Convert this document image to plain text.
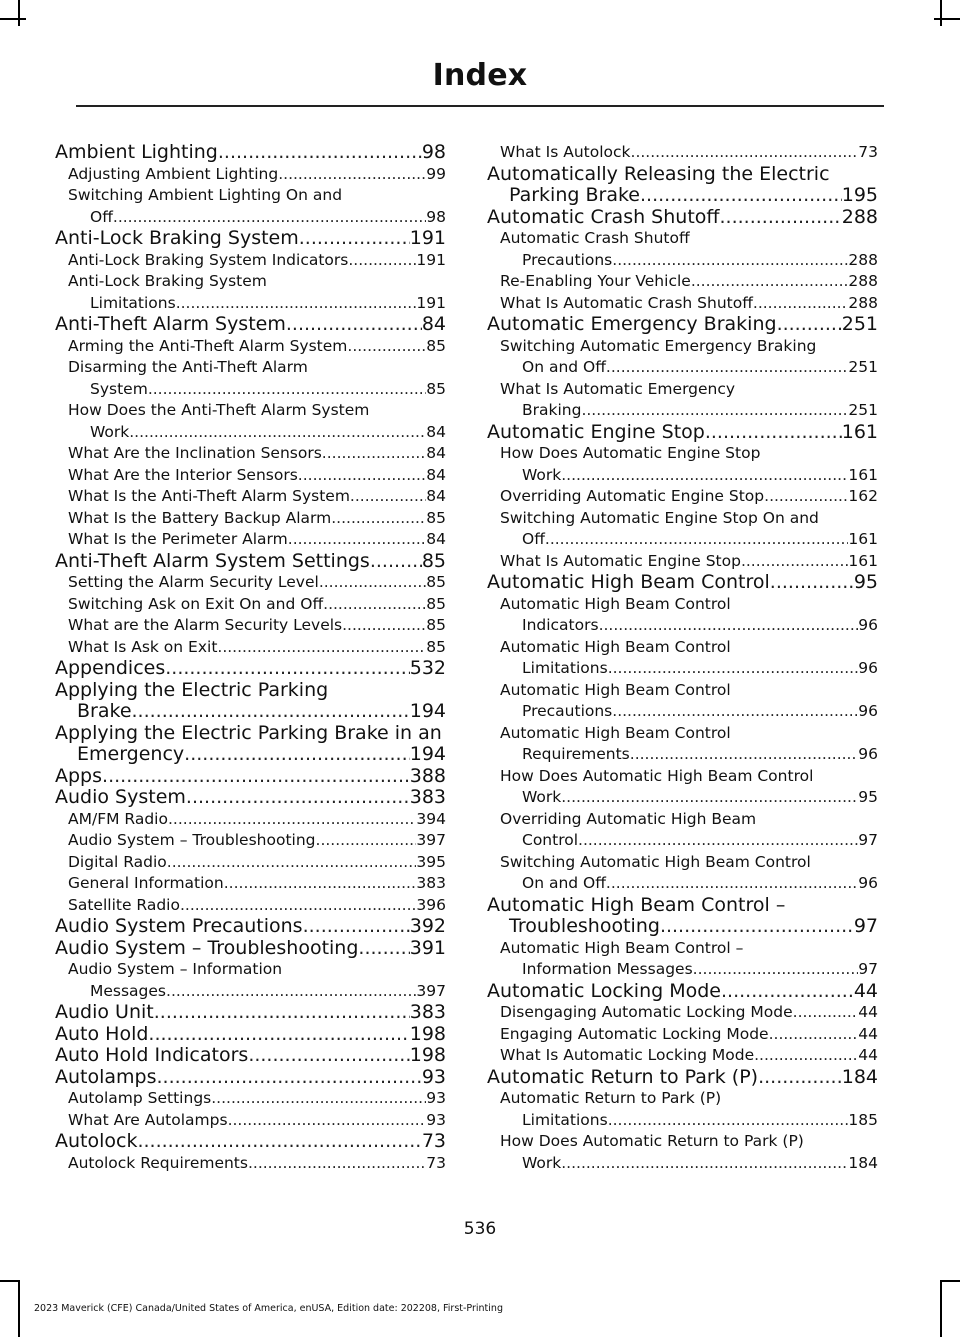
Index
Ambient Lighting .....	98
Adjusting Ambient Lighting .....	99
Switching Ambient Lighting On and
Off .....	98
Anti-Lock Braking System .....	191
Anti-Lock Braking System Indicators .....	191
Anti-Lock Braking System
Limitations .....	191
Anti-Theft Alarm System .....	84
Arming the Anti-Theft Alarm System .....	85
Disarming the Anti-Theft Alarm
System .....	85
How Does the Anti-Theft Alarm System
Work .....	84
What Are the Inclination Sensors .....	84
What Are the Interior Sensors .....	84
What Is the Anti-Theft Alarm System .....	84
What Is the Battery Backup Alarm .....	85
What Is the Perimeter Alarm .....	84
Anti-Theft Alarm System Settings .....	85
Setting the Alarm Security Level .....	85
Switching Ask on Exit On and Off .....	85
What are the Alarm Security Levels .....	85
What Is Ask on Exit .....	85
Appendices .....	532
Applying the Electric Parking
Brake .....	194
Applying the Electric Parking Brake in an
Emergency .....	194
Apps .....	388
Audio System .....	383
AM/FM Radio .....	394
Audio System – Troubleshooting .....	397
Digital Radio .....	395
General Information .....	383
Satellite Radio .....	396
Audio System Precautions .....	392
Audio System – Troubleshooting .....	391
Audio System – Information
Messages .....	397
Audio Unit .....	383
Auto Hold .....	198
Auto Hold Indicators .....	198
Autolamps .....	93
Autolamp Settings .....	93
What Are Autolamps .....	93
Autolock .....	73
Autolock Requirements .....	73
What Is Autolock .....	73
Automatically Releasing the Electric
Parking Brake .....	195
Automatic Crash Shutoff .....	288
Automatic Crash Shutoff
Precautions .....	288
Re-Enabling Your Vehicle .....	288
What Is Automatic Crash Shutoff .....	288
Automatic Emergency Braking .....	251
Switching Automatic Emergency Braking
On and Off .....	251
What Is Automatic Emergency
Braking .....	251
Automatic Engine Stop .....	161
How Does Automatic Engine Stop
Work .....	161
Overriding Automatic Engine Stop .....	162
Switching Automatic Engine Stop On and
Off .....	161
What Is Automatic Engine Stop .....	161
Automatic High Beam Control .....	95
Automatic High Beam Control
Indicators .....	96
Automatic High Beam Control
Limitations .....	96
Automatic High Beam Control
Precautions .....	96
Automatic High Beam Control
Requirements .....	96
How Does Automatic High Beam Control
Work .....	95
Overriding Automatic High Beam
Control .....	97
Switching Automatic High Beam Control
On and Off .....	96
Automatic High Beam Control –
Troubleshooting .....	97
Automatic High Beam Control –
Information Messages .....	97
Automatic Locking Mode .....	44
Disengaging Automatic Locking Mode .....	44
Engaging Automatic Locking Mode .....	44
What Is Automatic Locking Mode .....	44
Automatic Return to Park (P) .....	184
Automatic Return to Park (P)
Limitations .....	185
How Does Automatic Return to Park (P)
Work .....	184
536
2023 Maverick (CFE) Canada/United States of America, enUSA, Edition date: 202208, First-Printing
